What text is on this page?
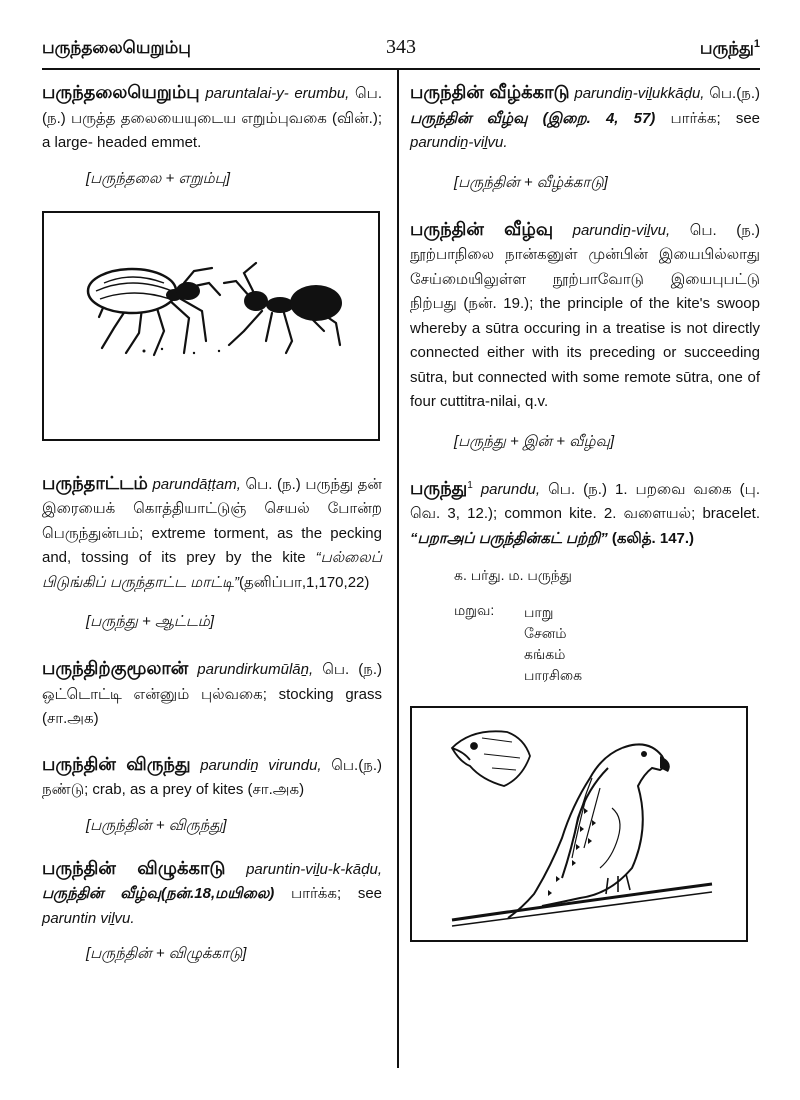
பருந்தலையெறும்பு	343	பருந்து$^1$
பருந்தலையெறும்பு paruntalai-y- erumbu, பெ.(ந.) பருத்த தலையையுடைய எறும்புவகை (வின்.); a large- headed emmet.
[பருந்தலை + எறும்பு]
பருந்தாட்டம் parundāṭṭam, பெ. (ந.) பருந்து தன் இரையைக் கொத்தியாட்டுஞ் செயல் போன்ற பெருந்துன்பம்; extreme torment, as the pecking and, tossing of its prey by the kite “பல்லைப் பிடுங்கிப் பருந்தாட்ட மாட்டி”(தனிப்பா,1,170,22)
[பருந்து + ஆட்டம்]
பருந்திற்குமூலான் parundirkumūlāṉ, பெ. (ந.) ஒட்டொட்டி என்னும் புல்வகை; stocking grass (சா.அக)
பருந்தின் விருந்து parundiṉ virundu, பெ.(ந.) நண்டு; crab, as a prey of kites (சா.அக)
[பருந்தின் + விருந்து]
பருந்தின் விழுக்காடு paruntin-viḻu-k-kāḍu, பருந்தின் வீழ்வு(நன்.18,மயிலை) பார்க்க; see paruntin viḻvu.
[பருந்தின் + விழுக்காடு]
பருந்தின் வீழ்க்காடு parundiṉ-viḻukkāḍu, பெ.(ந.) பருந்தின் வீழ்வு (இறை. 4, 57) பார்க்க; see parundiṉ-viḻvu.
[பருந்தின் + வீழ்க்காடு]
பருந்தின் வீழ்வு parundiṉ-viḻvu, பெ. (ந.) நூற்பாநிலை நான்கனுள் முன்பின் இயைபில்லாது சேய்மையிலுள்ள நூற்பாவோடு இயைபுபட்டு நிற்பது (நன். 19.); the principle of the kite's swoop whereby a sūtra occuring in a treatise is not directly connected either with its preceding or succeeding sūtra, but connected with some remote sūtra, one of four cuttitra-nilai, q.v.
[பருந்து + இன் + வீழ்வு]
பருந்து$^1$ parundu, பெ. (ந.) 1. பறவை வகை (பு. வெ. 3, 12.); common kite. 2. வளையல்; bracelet. “பறாஅப் பருந்தின்கட் பற்றி” (கலித். 147.)
க. பர்து. ம. பருந்து
மறுவ:	பாறு
சேனம்
கங்கம்
பாரசிகை
